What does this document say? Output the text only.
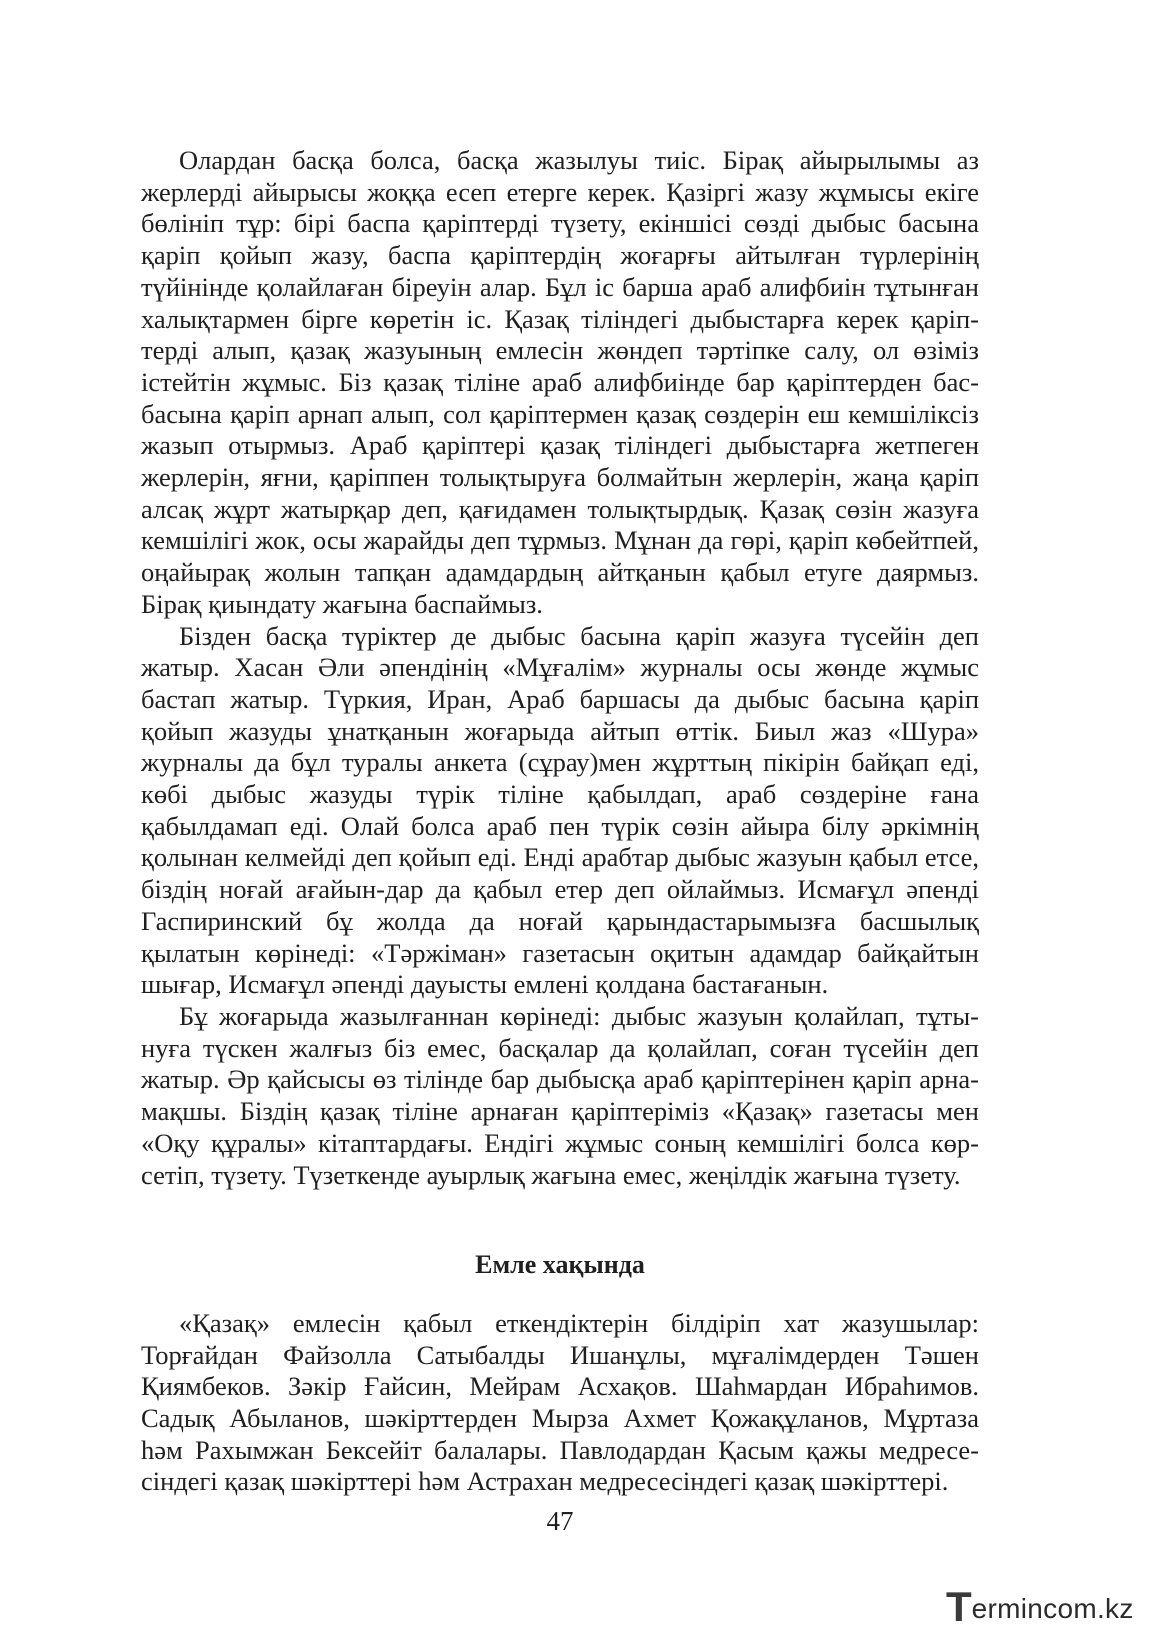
Олардан басқа болса, басқа жазылуы тиіс. Бірақ айырылымы аз жерлерді айырысы жоққа есеп етерге керек. Қазіргі жазу жұмысы екіге бөлініп тұр: бірі баспа қаріптерді түзету, екіншісі сөзді дыбыс басына қаріп қойып жазу, баспа қаріптердің жоғарғы айтылған түрлерінің түйінінде қолайлаған біреуін алар. Бұл іс барша араб алифбиін тұтынған халықтармен бірге көретін іс. Қазақ тіліндегі дыбыстарға керек қаріп-терді алып, қазақ жазуының емлесін жөндеп тәртіпке салу, ол өзіміз істейтін жұмыс. Біз қазақ тіліне араб алифбиінде бар қаріптерден бас-басына қаріп арнап алып, сол қаріптермен қазақ сөздерін еш кемшіліксіз жазып отырмыз. Араб қаріптері қазақ тіліндегі дыбыстарға жетпеген жерлерін, яғни, қаріппен толықтыруға болмайтын жерлерін, жаңа қаріп алсақ жұрт жатырқар деп, қағидамен толықтырдық. Қазақ сөзін жазуға кемшілігі жок, осы жарайды деп тұрмыз. Мұнан да гөрі, қаріп көбейтпей, оңайырақ жолын тапқан адамдардың айтқанын қабыл етуге даярмыз. Бірақ қиындату жағына баспаймыз.

Бізден басқа түріктер де дыбыс басына қаріп жазуға түсейін деп жатыр. Хасан Әли әпендінің «Мұғалім» журналы осы жөнде жұмыс бастап жатыр. Түркия, Иран, Араб баршасы да дыбыс басына қаріп қойып жазуды ұнатқанын жоғарыда айтып өттік. Биыл жаз «Шура» журналы да бұл туралы анкета (сұрау)мен жұрттың пікірін байқап еді, көбі дыбыс жазуды түрік тіліне қабылдап, араб сөздеріне ғана қабылдамап еді. Олай болса араб пен түрік сөзін айыра білу әркімнің қолынан келмейді деп қойып еді. Енді арабтар дыбыс жазуын қабыл етсе, біздің ноғай ағайын-дар да қабыл етер деп ойлаймыз. Исмағұл әпенді Гаспиринский бұ жолда да ноғай қарындастарымызға басшылық қылатын көрінеді: «Тәржіман» газетасын оқитын адамдар байқайтын шығар, Исмағұл әпенді дауысты емлені қолдана бастағанын.

Бұ жоғарыда жазылғаннан көрінеді: дыбыс жазуын қолайлап, тұты-нуға түскен жалғыз біз емес, басқалар да қолайлап, соған түсейін деп жатыр. Әр қайсысы өз тілінде бар дыбысқа араб қаріптерінен қаріп арна-мақшы. Біздің қазақ тіліне арнаған қаріптеріміз «Қазақ» газетасы мен «Оқу құралы» кітаптардағы. Ендігі жұмыс соның кемшілігі болса көр-сетіп, түзету. Түзеткенде ауырлық жағына емес, жеңілдік жағына түзету.

Емле хақында

«Қазақ» емлесін қабыл еткендіктерін білдіріп хат жазушылар: Торғайдан Файзолла Сатыбалды Ишанұлы, мұғалімдерден Тәшен Қиямбеков. Зәкір Ғайсин, Мейрам Асхақов. Шаһмардан Ибраһимов. Садық Абыланов, шәкірттерден Мырза Ахмет Қожақұланов, Мұртаза һәм Рахымжан Бексейіт балалары. Павлодардан Қасым қажы медресе-сіндегі қазақ шәкірттері һәм Астрахан медресесіндегі қазақ шәкірттері.

47
T ermincom.kz
